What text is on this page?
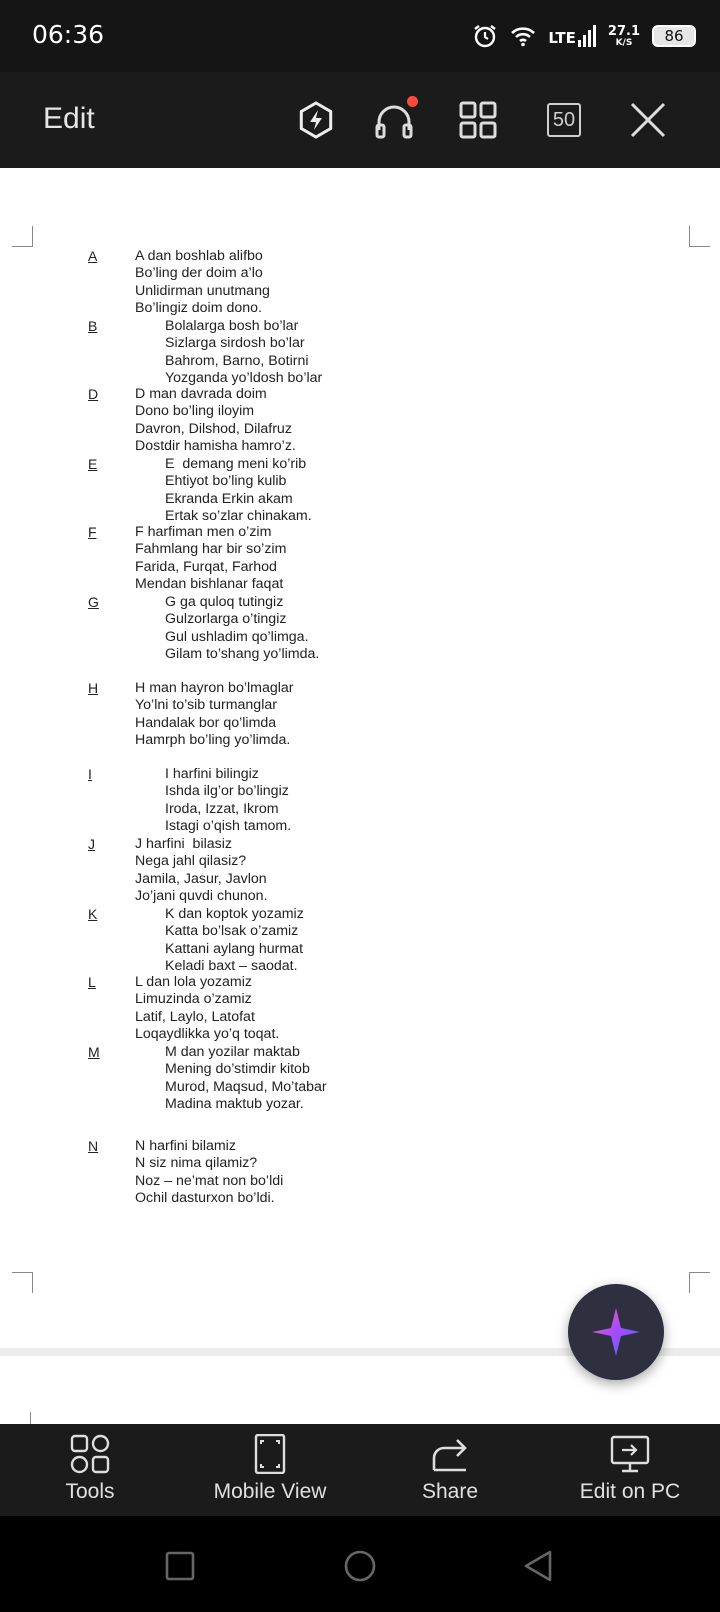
06:36	LTE 27.1
K/S 86
Edit	50
A	A dan boshlab alifbo
Bo’ling der doim a’lo
Unlidirman unutmang
Bo’lingiz doim dono.
B	Bolalarga bosh bo’lar
Sizlarga sirdosh bo’lar
Bahrom, Barno, Botirni
Yozganda yo’ldosh bo’lar
D	D man davrada doim
Dono bo’ling iloyim
Davron, Dilshod, Dilafruz
Dostdir hamisha hamro’z.
E	E  demang meni ko’rib
Ehtiyot bo’ling kulib
Ekranda Erkin akam
Ertak so’zlar chinakam.
F	F harfiman men o’zim
Fahmlang har bir so’zim
Farida, Furqat, Farhod
Mendan bishlanar faqat
G	G ga quloq tutingiz
Gulzorlarga o’tingiz
Gul ushladim qo’limga.
Gilam to’shang yo’limda.
H	H man hayron bo’lmaglar
Yo’lni to’sib turmanglar
Handalak bor qo’limda
Hamrph bo’ling yo’limda.
I	I harfini bilingiz
Ishda ilg’or bo’lingiz
Iroda, Izzat, Ikrom
Istagi o’qish tamom.
J	J harfini  bilasiz
Nega jahl qilasiz?
Jamila, Jasur, Javlon
Jo’jani quvdi chunon.
K	K dan koptok yozamiz
Katta bo’lsak o’zamiz
Kattani aylang hurmat
Keladi baxt – saodat.
L	L dan lola yozamiz
Limuzinda o’zamiz
Latif, Laylo, Latofat
Loqaydlikka yo’q toqat.
M	M dan yozilar maktab
Mening do’stimdir kitob
Murod, Maqsud, Mo’tabar
Madina maktub yozar.
N	N harfini bilamiz
N siz nima qilamiz?
Noz – ne’mat non bo’ldi
Ochil dasturxon bo’ldi.
Tools	Mobile View	Share	Edit on PC
